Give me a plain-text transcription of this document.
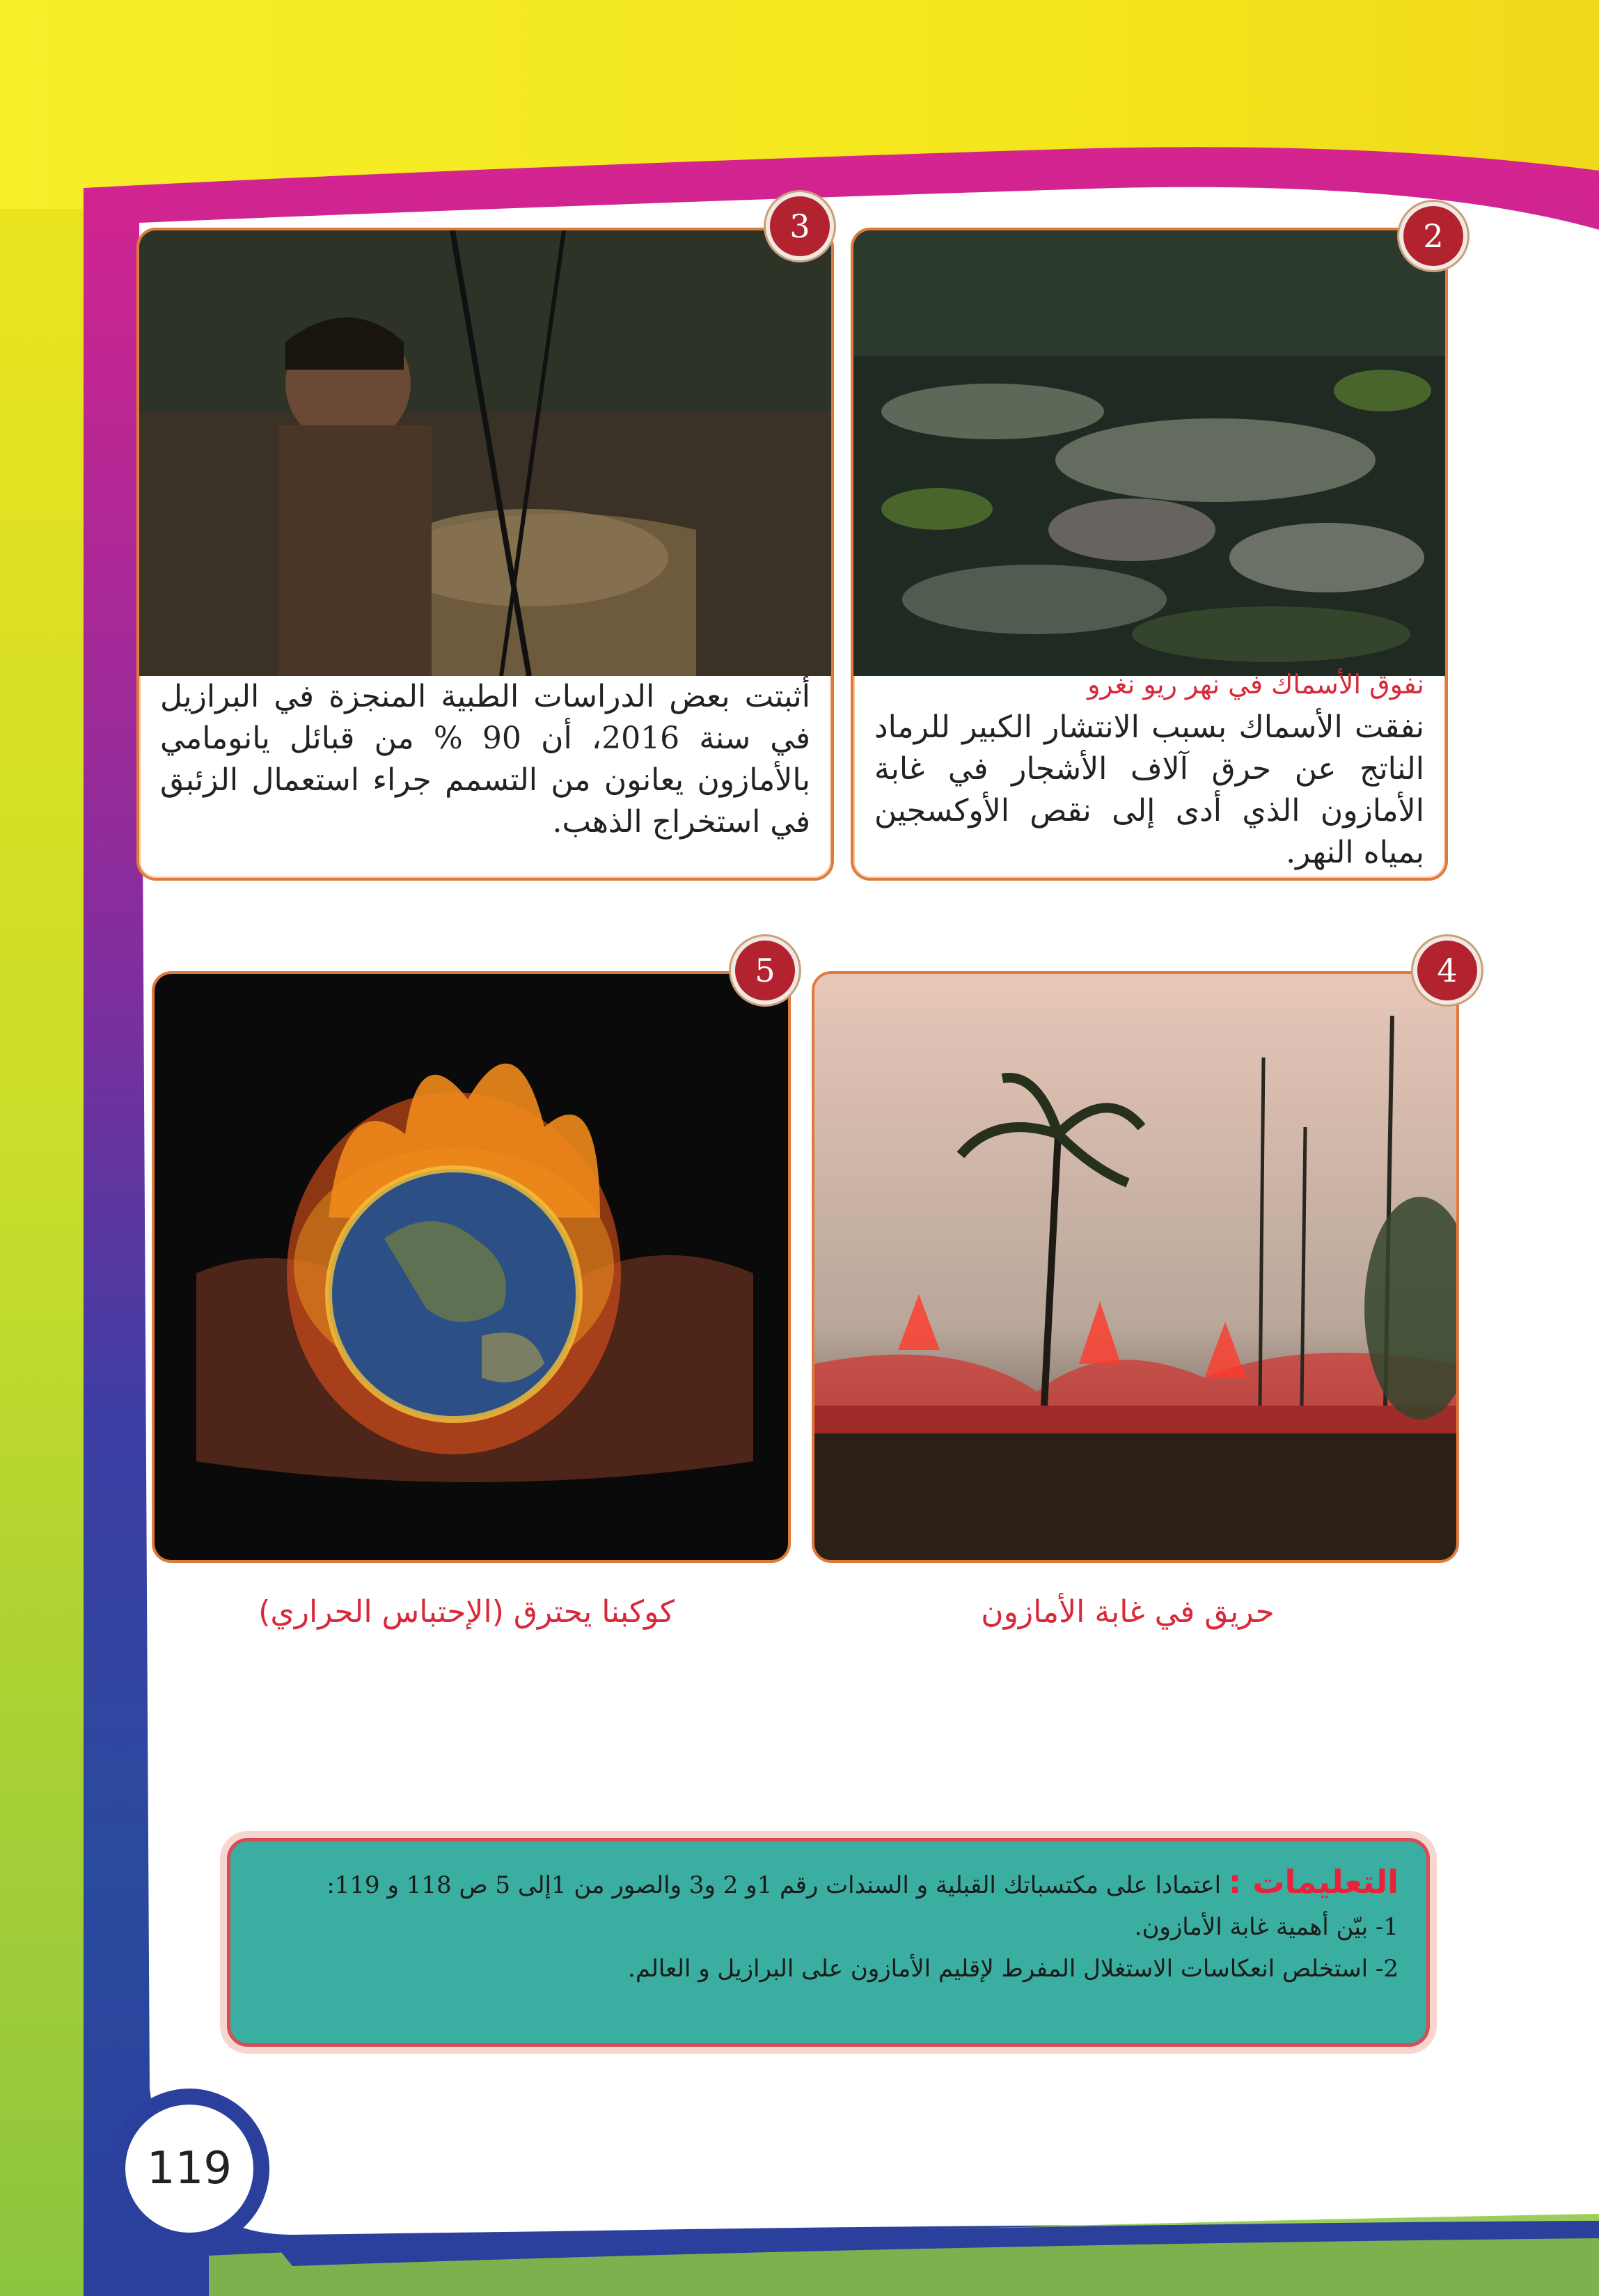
نفوق الأسماك في نهر ريو نغرو

نفقت الأسماك بسبب الانتشار الكبير للرماد الناتج عن حرق آلاف الأشجار في غابة الأمازون الذي أدى إلى نقص الأوكسجين بمياه النهر.

2

أثبتت بعض الدراسات الطبية المنجزة في البرازيل في سنة 2016، أن 90 % من قبائل يانومامي بالأمازون يعانون من التسمم جراء استعمال الزئبق في استخراج الذهب.

3
5
كوكبنا يحترق (الإحتباس الحراري)
4
حريق في غابة الأمازون

التعليمات : اعتمادا على مكتسباتك القبلية و السندات رقم 1و 2 و3 والصور من 1إلى 5 ص 118 و 119:

1- بيّن أهمية غابة الأمازون.

2- استخلص انعكاسات الاستغلال المفرط لإقليم الأمازون على البرازيل و العالم.

119
